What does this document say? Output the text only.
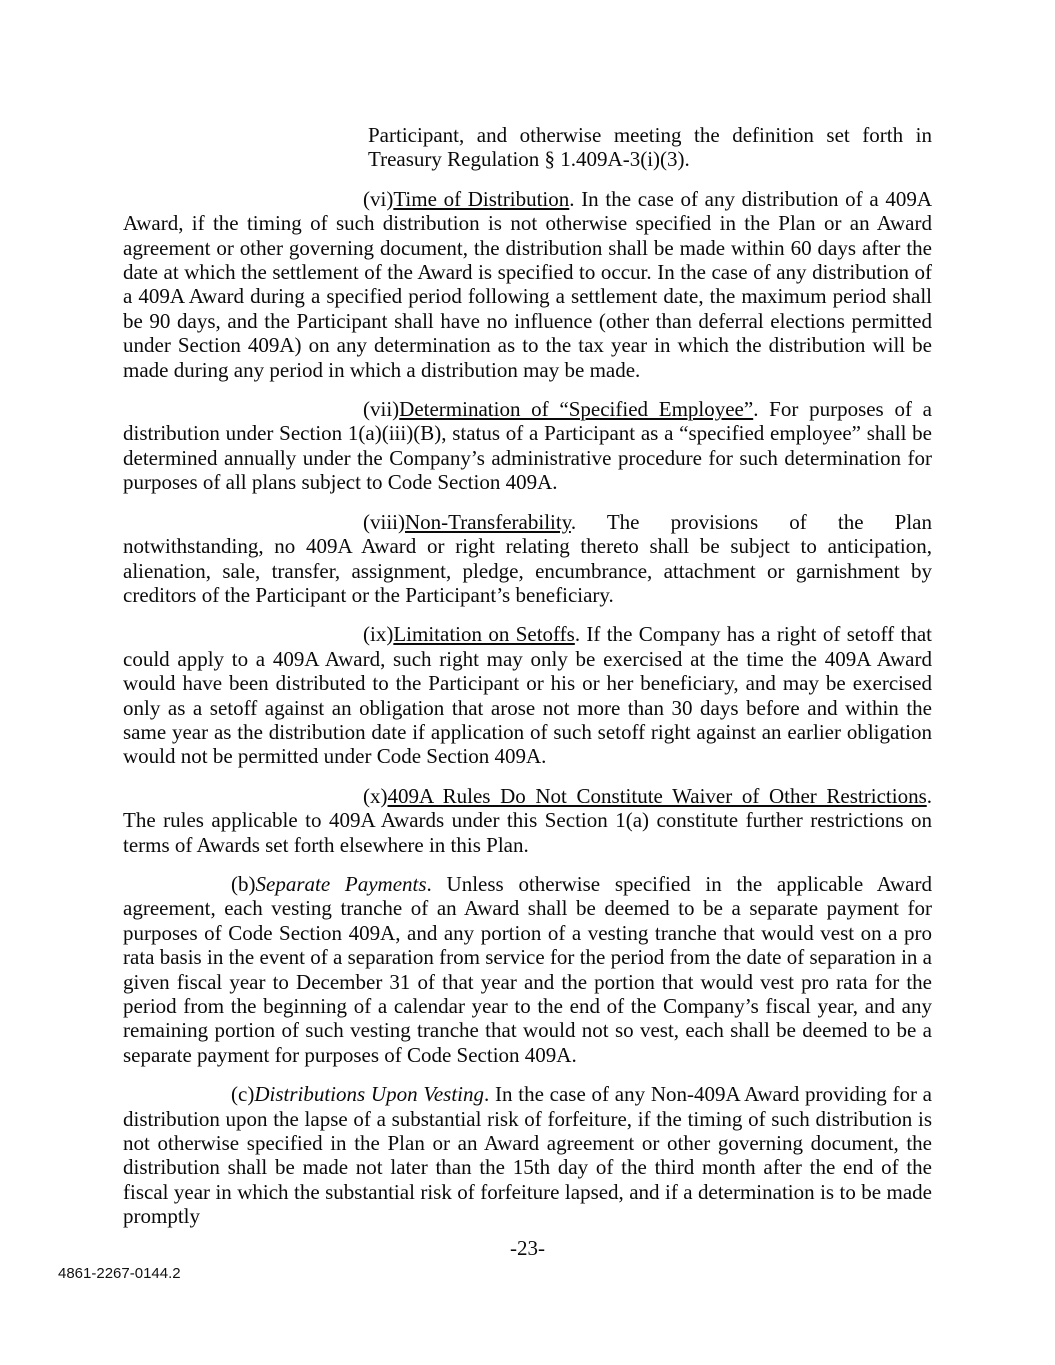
Participant, and otherwise meeting the definition set forth in Treasury Regulation § 1.409A-3(i)(3).

(vi)Time of Distribution. In the case of any distribution of a 409A Award, if the timing of such distribution is not otherwise specified in the Plan or an Award agreement or other governing document, the distribution shall be made within 60 days after the date at which the settlement of the Award is specified to occur. In the case of any distribution of a 409A Award during a specified period following a settlement date, the maximum period shall be 90 days, and the Participant shall have no influence (other than deferral elections permitted under Section 409A) on any determination as to the tax year in which the distribution will be made during any period in which a distribution may be made.

(vii)Determination of “Specified Employee”. For purposes of a distribution under Section 1(a)(iii)(B), status of a Participant as a “specified employee” shall be determined annually under the Company’s administrative procedure for such determination for purposes of all plans subject to Code Section 409A.

(viii)Non-Transferability. The provisions of the Plan notwithstanding, no 409A Award or right relating thereto shall be subject to anticipation, alienation, sale, transfer, assignment, pledge, encumbrance, attachment or garnishment by creditors of the Participant or the Participant’s beneficiary.

(ix)Limitation on Setoffs. If the Company has a right of setoff that could apply to a 409A Award, such right may only be exercised at the time the 409A Award would have been distributed to the Participant or his or her beneficiary, and may be exercised only as a setoff against an obligation that arose not more than 30 days before and within the same year as the distribution date if application of such setoff right against an earlier obligation would not be permitted under Code Section 409A.

(x)409A Rules Do Not Constitute Waiver of Other Restrictions. The rules applicable to 409A Awards under this Section 1(a) constitute further restrictions on terms of Awards set forth elsewhere in this Plan.

(b)Separate Payments. Unless otherwise specified in the applicable Award agreement, each vesting tranche of an Award shall be deemed to be a separate payment for purposes of Code Section 409A, and any portion of a vesting tranche that would vest on a pro rata basis in the event of a separation from service for the period from the date of separation in a given fiscal year to December 31 of that year and the portion that would vest pro rata for the period from the beginning of a calendar year to the end of the Company’s fiscal year, and any remaining portion of such vesting tranche that would not so vest, each shall be deemed to be a separate payment for purposes of Code Section 409A.

(c)Distributions Upon Vesting. In the case of any Non-409A Award providing for a distribution upon the lapse of a substantial risk of forfeiture, if the timing of such distribution is not otherwise specified in the Plan or an Award agreement or other governing document, the distribution shall be made not later than the 15th day of the third month after the end of the fiscal year in which the substantial risk of forfeiture lapsed, and if a determination is to be made promptly

-23-
4861-2267-0144.2
